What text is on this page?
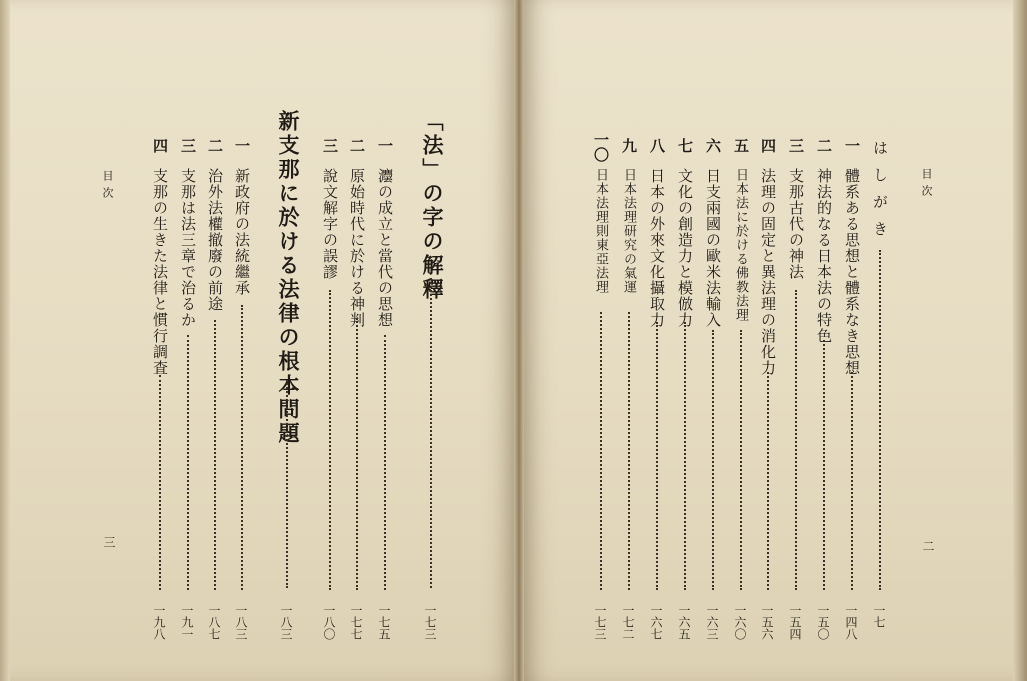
目次
三
「法」の字の解釋
一七三
一
灋の成立と當代の思想
一七五
二
原始時代に於ける神判
一七七
三
說文解字の誤謬
一八〇
新支那に於ける法律の根本問題
一八三
一
新政府の法統繼承
一八三
二
治外法權撤廢の前途
一八七
三
支那は法三章で治るか
一九一
四
支那の生きた法律と慣行調査
一九八
目次
二
はしがき
一七
一
體系ある思想と體系なき思想
一四八
二
神法的なる日本法の特色
一五〇
三
支那古代の神法
一五四
四
法理の固定と異法理の消化力
一五六
五
日本法に於ける佛教法理
一六〇
六
日支兩國の歐米法輸入
一六三
七
文化の創造力と模倣力
一六五
八
日本の外來文化攝取力
一六七
九
日本法理研究の氣運
一七二
一〇
日本法理則東亞法理
一七三
